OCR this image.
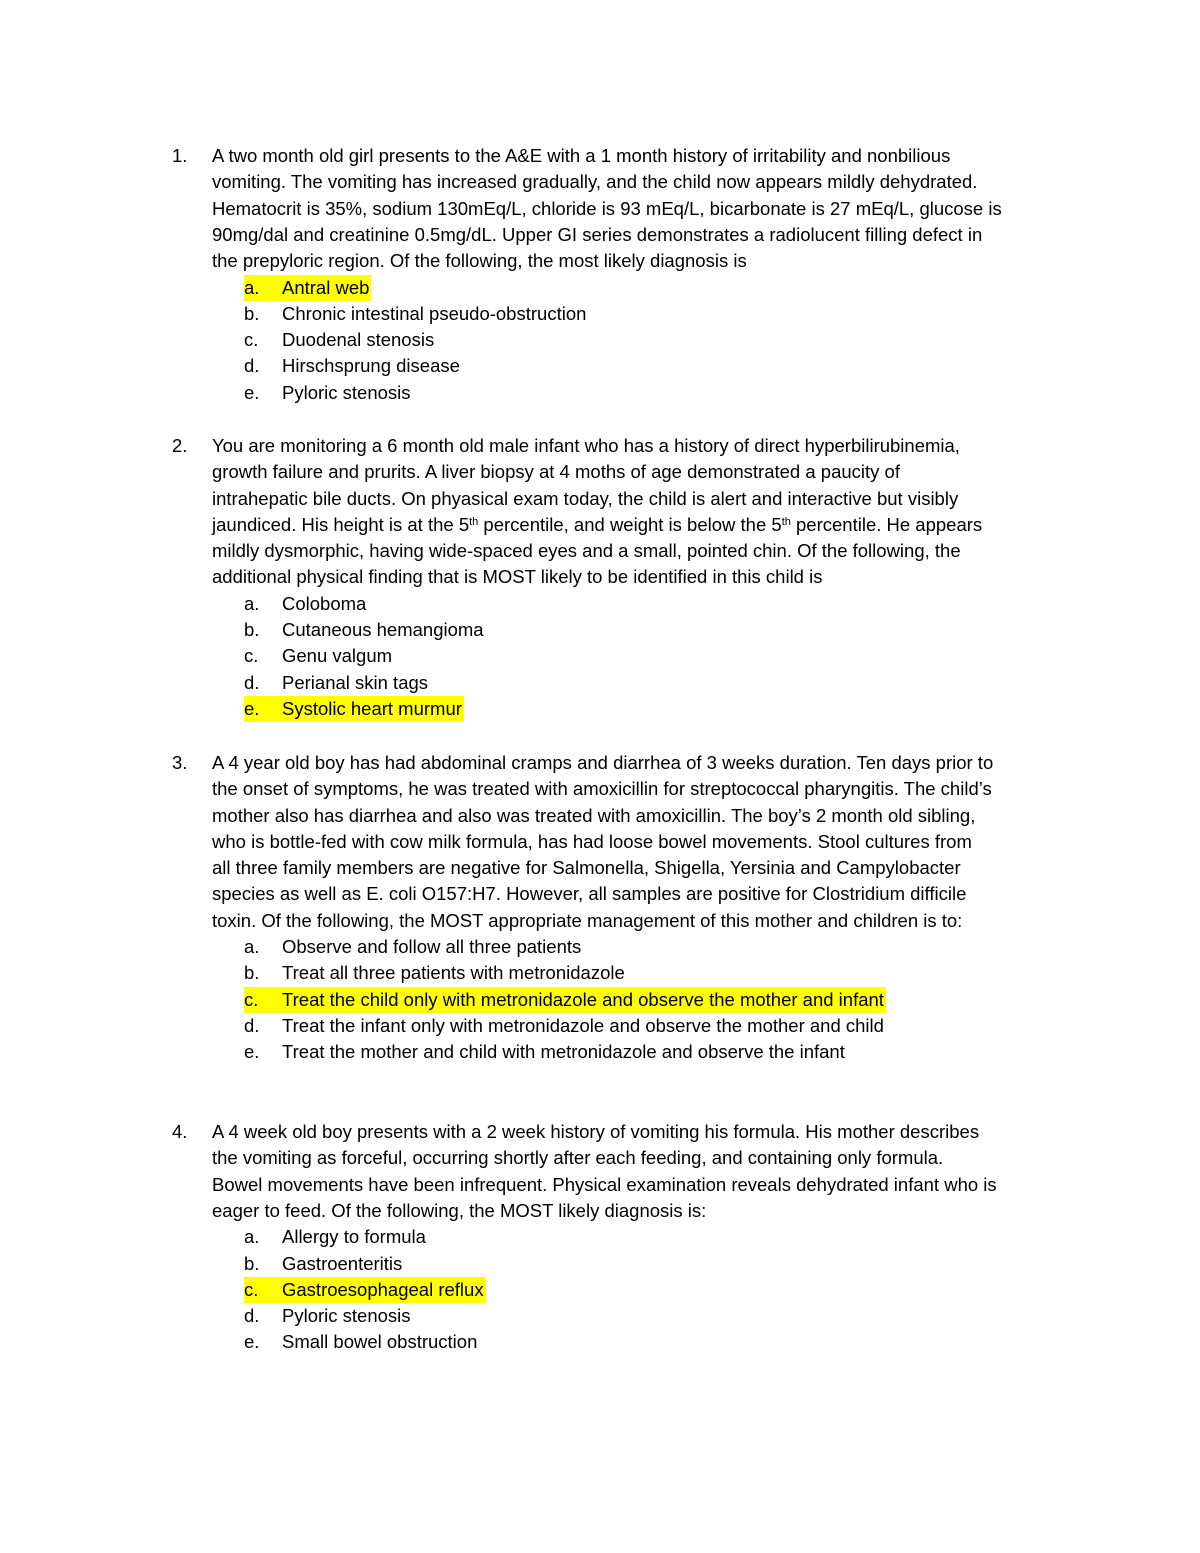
1. A two month old girl presents to the A&E with a 1 month history of irritability and nonbilious
vomiting. The vomiting has increased gradually, and the child now appears mildly dehydrated.
Hematocrit is 35%, sodium 130mEq/L, chloride is 93 mEq/L, bicarbonate is 27 mEq/L, glucose is
90mg/dal and creatinine 0.5mg/dL. Upper GI series demonstrates a radiolucent filling defect in
the prepyloric region. Of the following, the most likely diagnosis is
a. Antral web
b. Chronic intestinal pseudo-obstruction
c. Duodenal stenosis
d. Hirschsprung disease
e. Pyloric stenosis
2. You are monitoring a 6 month old male infant who has a history of direct hyperbilirubinemia,
growth failure and prurits. A liver biopsy at 4 moths of age demonstrated a paucity of
intrahepatic bile ducts. On phyasical exam today, the child is alert and interactive but visibly
jaundiced. His height is at the 5th percentile, and weight is below the 5th percentile. He appears
mildly dysmorphic, having wide-spaced eyes and a small, pointed chin. Of the following, the
additional physical finding that is MOST likely to be identified in this child is
a. Coloboma
b. Cutaneous hemangioma
c. Genu valgum
d. Perianal skin tags
e. Systolic heart murmur
3. A 4 year old boy has had abdominal cramps and diarrhea of 3 weeks duration. Ten days prior to
the onset of symptoms, he was treated with amoxicillin for streptococcal pharyngitis. The child’s
mother also has diarrhea and also was treated with amoxicillin. The boy’s 2 month old sibling,
who is bottle-fed with cow milk formula, has had loose bowel movements. Stool cultures from
all three family members are negative for Salmonella, Shigella, Yersinia and Campylobacter
species as well as E. coli O157:H7. However, all samples are positive for Clostridium difficile
toxin. Of the following, the MOST appropriate management of this mother and children is to:
a. Observe and follow all three patients
b. Treat all three patients with metronidazole
c. Treat the child only with metronidazole and observe the mother and infant
d. Treat the infant only with metronidazole and observe the mother and child
e. Treat the mother and child with metronidazole and observe the infant
4. A 4 week old boy presents with a 2 week history of vomiting his formula. His mother describes
the vomiting as forceful, occurring shortly after each feeding, and containing only formula.
Bowel movements have been infrequent. Physical examination reveals dehydrated infant who is
eager to feed. Of the following, the MOST likely diagnosis is:
a. Allergy to formula
b. Gastroenteritis
c. Gastroesophageal reflux
d. Pyloric stenosis
e. Small bowel obstruction
